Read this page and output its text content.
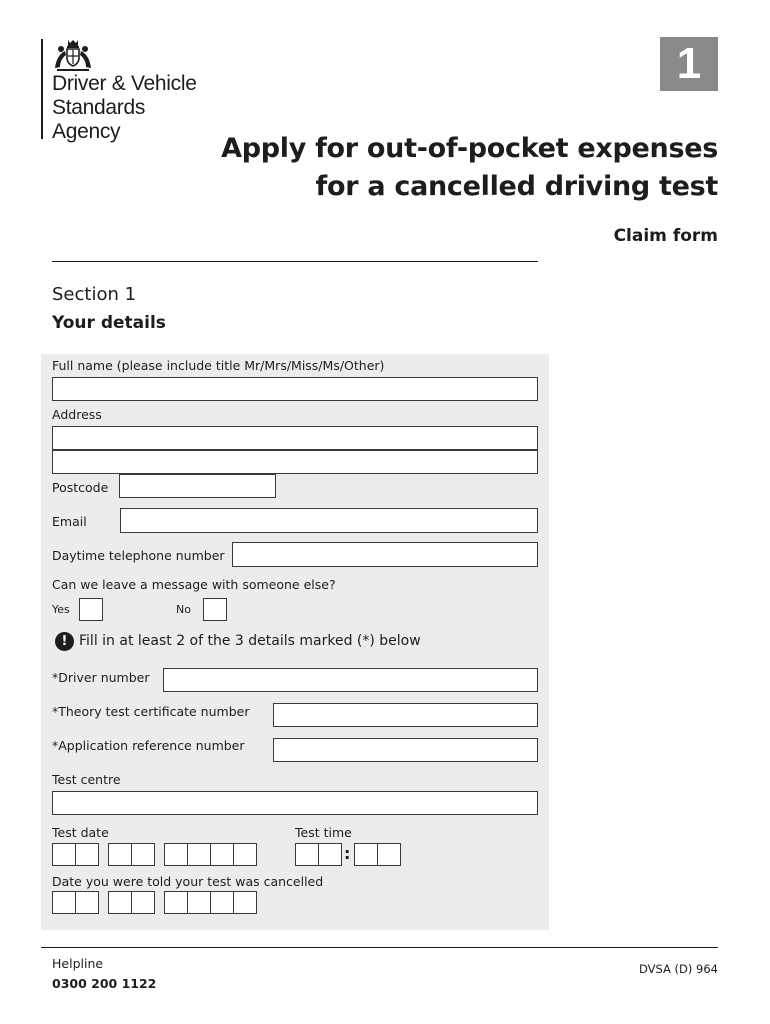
Driver & Vehicle
Standards
Agency
1
Apply for out-of-pocket expenses
for a cancelled driving test
Claim form
Section 1
Your details
Full name (please include title Mr/Mrs/Miss/Ms/Other)
Address
Postcode
Email
Daytime telephone number
Can we leave a message with someone else?
Yes	No
! Fill in at least 2 of the 3 details marked (*) below
*Driver number
*Theory test certificate number
*Application reference number
Test centre
Test date	Test time
:
Date you were told your test was cancelled
Helpline
0300 200 1122
DVSA (D) 964
